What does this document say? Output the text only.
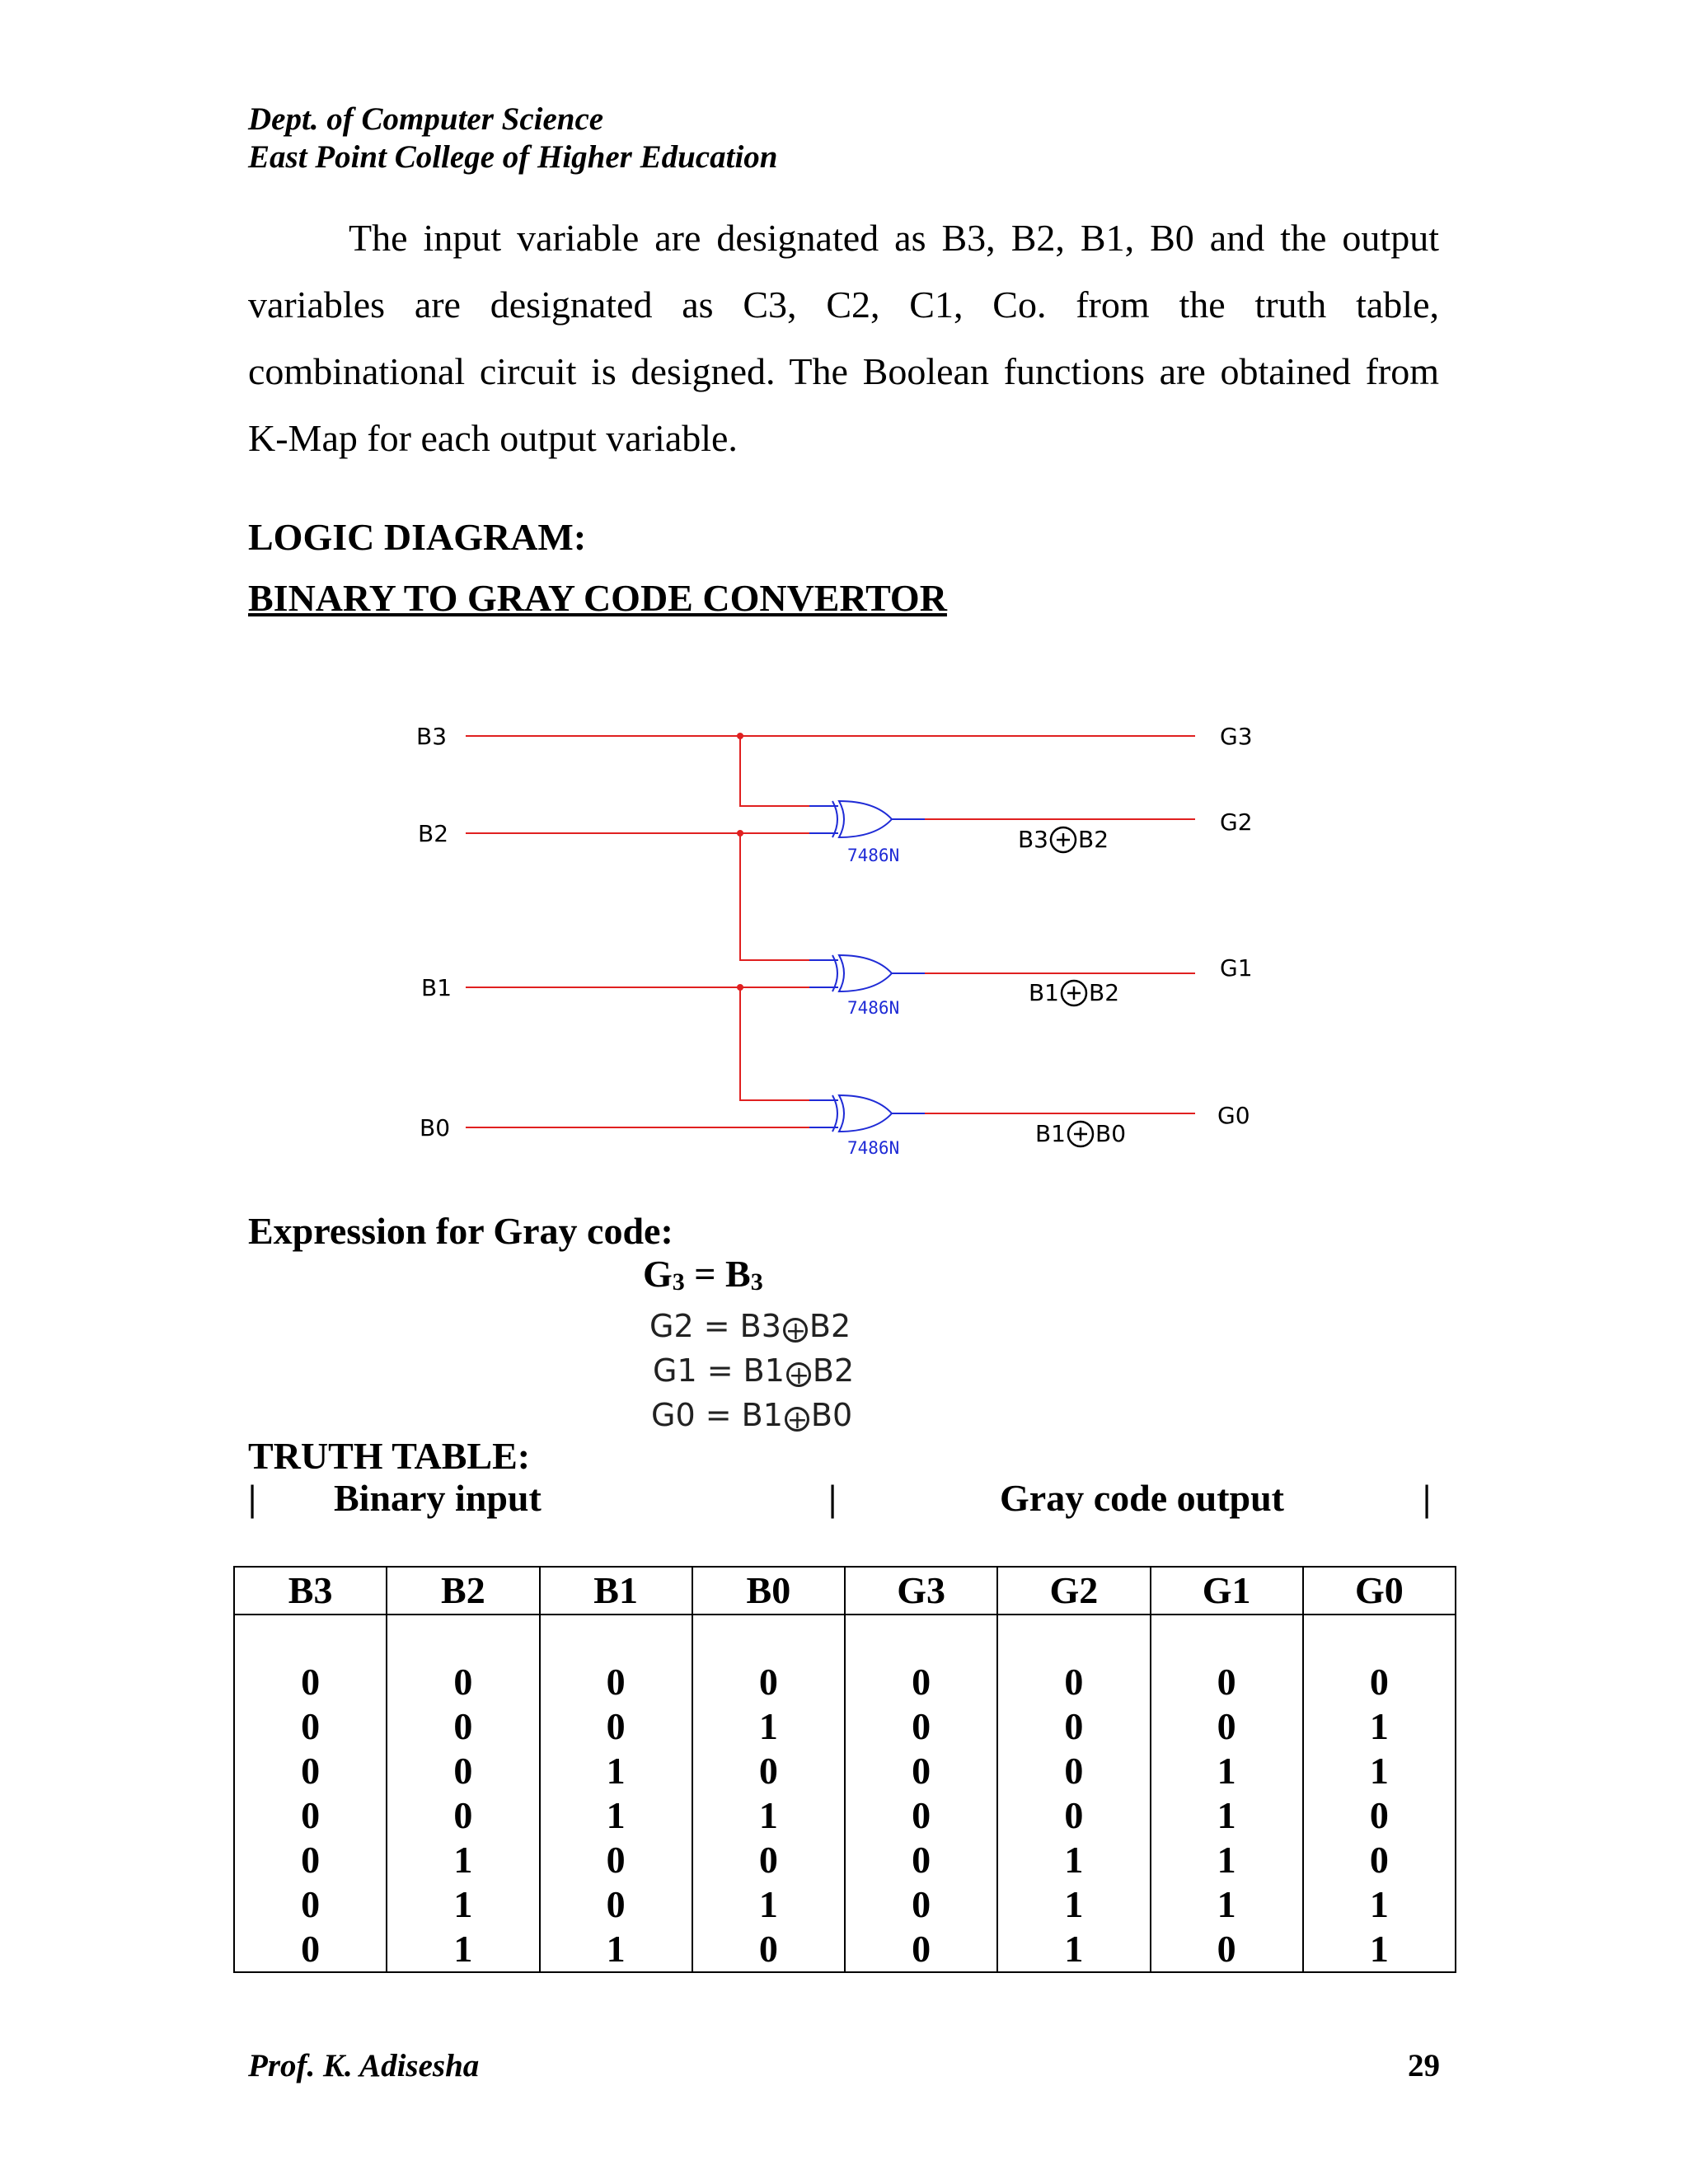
Dept. of Computer Science
East Point College of Higher Education

The input variable are designated as B3, B2, B1, B0 and the output variables are designated as C3, C2, C1, Co. from the truth table, combinational circuit is designed. The Boolean functions are obtained from K-Map for each output variable.

LOGIC DIAGRAM:
BINARY TO GRAY CODE CONVERTOR
B3
B2
B1
B0
G3
G2
G1
G0
7486N
7486N
7486N
B3 B2
B1 B2
B1 B0
Expression for Gray code:
$G_3 = B_3$
G2 = B3 + B2
G1 = B1 + B2
G0 = B1 + B0
TRUTH TABLE:
| Binary input	|	Gray code output	|
B3	B2	B1	B0	G3	G2	G1	G0
0	0	0	0	0	0	0	0
0	0	0	1	0	0	0	1
0	0	1	0	0	0	1	1
0	0	1	1	0	0	1	0
0	1	0	0	0	1	1	0
0	1	0	1	0	1	1	1
0	1	1	0	0	1	0	1
Prof. K. Adisesha	29
